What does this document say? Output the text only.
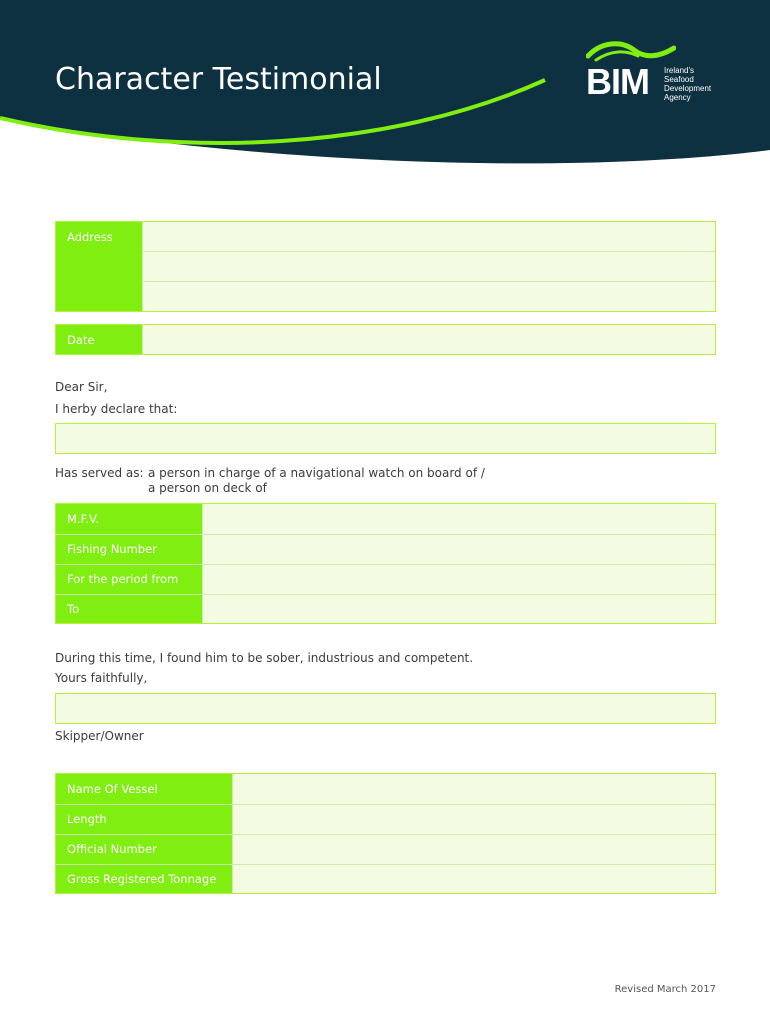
Character Testimonial	BIM Ireland's
Seafood
Development
Agency
Address
Date

Dear Sir,

I herby declare that:

Has served as: a person in charge of a navigational watch on board of /

a person on deck of

M.F.V.
Fishing Number
For the period from
To

During this time, I found him to be sober, industrious and competent.

Yours faithfully,

Skipper/Owner

Name Of Vessel
Length
Official Number
Gross Registered Tonnage
Revised March 2017
